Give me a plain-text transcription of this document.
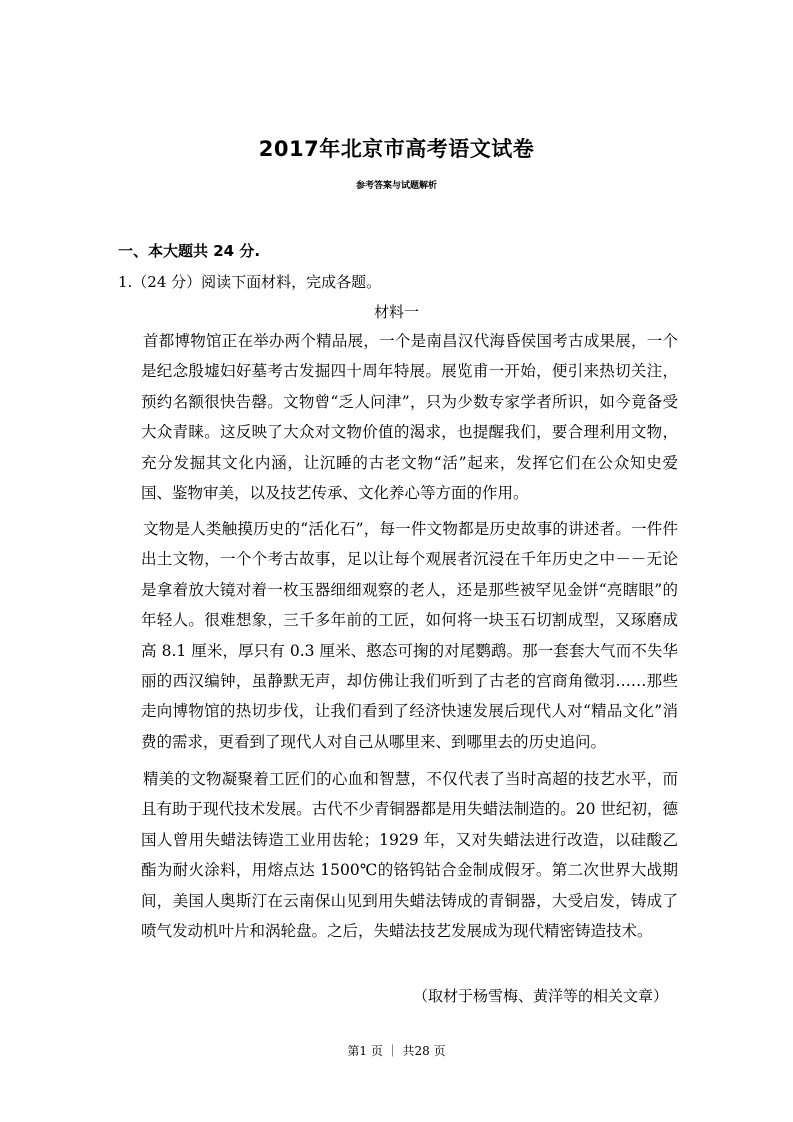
2017年北京市高考语文试卷
参考答案与试题解析
一、本大题共 24 分.
1.（24 分）阅读下面材料，完成各题。
材料一
首都博物馆正在举办两个精品展，一个是南昌汉代海昏侯国考古成果展，一个是纪念殷墟妇好墓考古发掘四十周年特展。展览甫一开始，便引来热切关注，预约名额很快告罄。文物曾“乏人问津”，只为少数专家学者所识，如今竟备受大众青睐。这反映了大众对文物价值的渴求，也提醒我们，要合理利用文物，充分发掘其文化内涵，让沉睡的古老文物“活”起来，发挥它们在公众知史爱国、鉴物审美，以及技艺传承、文化养心等方面的作用。
文物是人类触摸历史的“活化石”，每一件文物都是历史故事的讲述者。一件件出土文物，一个个考古故事，足以让每个观展者沉浸在千年历史之中－－无论是拿着放大镜对着一枚玉器细细观察的老人，还是那些被罕见金饼“亮瞎眼”的年轻人。很难想象，三千多年前的工匠，如何将一块玉石切割成型，又琢磨成高 8.1 厘米，厚只有 0.3 厘米、憨态可掬的对尾鹦鹉。那一套套大气而不失华丽的西汉编钟，虽静默无声，却仿佛让我们听到了古老的宫商角徵羽……那些走向博物馆的热切步伐，让我们看到了经济快速发展后现代人对“精品文化”消费的需求，更看到了现代人对自己从哪里来、到哪里去的历史追问。
精美的文物凝聚着工匠们的心血和智慧，不仅代表了当时高超的技艺水平，而且有助于现代技术发展。古代不少青铜器都是用失蜡法制造的。20 世纪初，德国人曾用失蜡法铸造工业用齿轮；1929 年，又对失蜡法进行改造，以硅酸乙酯为耐火涂料，用熔点达 1500℃的铬钨钴合金制成假牙。第二次世界大战期间，美国人奥斯汀在云南保山见到用失蜡法铸成的青铜器，大受启发，铸成了喷气发动机叶片和涡轮盘。之后，失蜡法技艺发展成为现代精密铸造技术。
（取材于杨雪梅、黄洋等的相关文章）
第1 页 ｜ 共28 页
